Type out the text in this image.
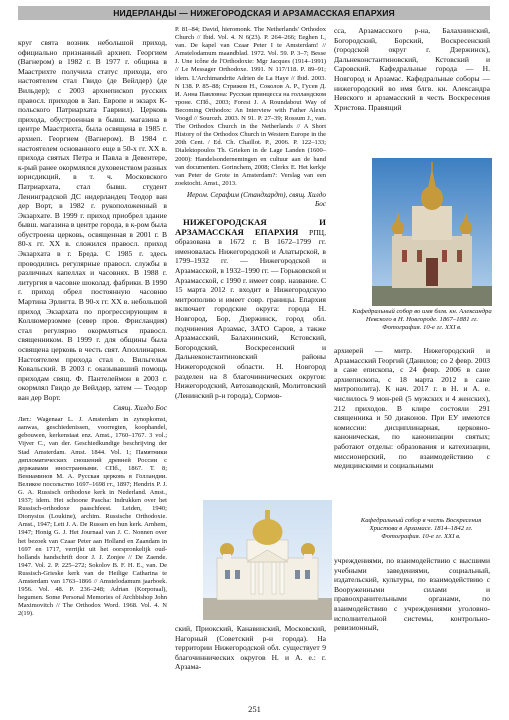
НИДЕРЛАНДЫ — НИЖЕГОРОДСКАЯ И АРЗАМАССКАЯ ЕПАРХИЯ

круг свята возник небольшой приход, официально признанный архиеп. Георгием (Вагнером) в 1982 г. В 1977 г. община в Маастрихте получила статус прихода, его настоятелем стал Гвидо (де Вейлдер) (де Вильдер); с 2003 архиепископ русских правосл. приходов в Зап. Европе и экзарх К-польского Патриархата Гавриил). Церковь прихода, обустроенная в бывш. магазина в центре Маастрихта, была освящена в 1985 г. архиеп. Георгием (Вагнером). В 1984 г. настоятелем основанного еще в 50-х гг. XX в. прихода святых Петра и Павла в Девентере, к-рый ранее окормлялся духовенством разных юрисдикций, в т. ч. Московского Патриархата, стал бывш. студент Ленинградской ДС нидерландец Теодор ван дер Ворт, в 1982 г. рукоположенный в Экзархате. В 1999 г. приход приобрел здание бывш. магазина в центре города, в к-ром была обустроена церковь, освященная в 2001 г. В 80-х гг. XX в. сложился правосл. приход Экзархата в г. Бреда. С 1985 г. здесь проводились регулярные правосл. службы в различных капеллах и часовнях. В 1988 г. литургия в часовне шоколад. фабрики. В 1990 г. приход обрел постоянную часовню Мартина Эрлигта. В 90-х гг. XX в. небольшой приход Экзархата по прогрессирующим в Коллюмерзомме (север пров. Фрисландия) стал регулярно окормляться правосл. священником. В 1999 г. для общины была освящена церковь в честь свят. Аполлинария. Настоятелем прихода стал о. Вильгельм Ковальский. В 2003 г. оказывавший помощь приходам свящ. Ф. Пантелеймон в 2003 г. окормлял Гвидо де Вейлдер, затем — Теодор ван дер Ворт.

Свящ. Хилдо Бос

Лит.: Wagenaar L. J. Amsterdam in zynopkomst, aanwas, geschiedenissen, voorregten, koophandel, gebouwen, kerkenstaat enz. Amst., 1760–1767. 3 vol.; Vijver C., van der. Geschiedkundige beschrijving der Stad Amsterdam. Amst. 1844. Vol. 1; Памятники дипломатических сношений древней России с державами иностранными. СПб., 1867. Т. 8; Вениаминов М. А. Русская церковь в Голландии. Великое посольство 1697–1698 гг., 1897; Hendrix P. J. G. A. Russisch orthodoxe kerk in Nederland. Amst., 1937; idem. Het schoone Pascha: Indrukken over het Russisch-orthodoxe paaschfeest. Leiden, 1940; Dionysius (Loukine), archim. Russische Orthodoxie. Amst., 1947; Lett J. A. De Russen en hun kerk. Arnhem, 1947; Honig G. J. Het Journaal van J. C. Nonnen over het bezoek van Czaar Peter aan Holland en Zaandam in 1697 en 1717, verrijkt uit het oorspronkelijk oud-hollands handschrift door J. J. Zonjee // De Zaende. 1947. Vol. 2. P. 225–272; Sokolov B. F. H. E., van. De Russisch-Grieske kerk van de Heilige Catharina te Amsterdam van 1763–1866 // Amstelodamum jaarboek. 1956. Vol. 48. P. 236–248; Adrian (Korporaal), hegumen. Some Personal Memories of Archbishop John Maximovitch // The Orthodox Word. 1968. Vol. 4. N 2(19).

P. 81–84; David, hieromonk. The Netherlands' Orthodox Church // Ibid. Vol. 4. N 6(23). P. 264–266; Eeghen I., van. De kapel van Czaar Peter I te Amsterdam! // Amstelodamum maandblad. 1972. Vol. 59. P. 3–7; Besse J. Une icône de l'Orthodoxie: Mgr Jacques (1914–1991) // Le Messager Orthodoxe. 1991. N 117/118. P. 89–91; idem. L'Archimandrite Adrien de La Haye // Ibid. 2003. N 138. P. 85–88; Стрижов Н., Соколов А. Р., Гусев Д. И. Анна Павловна: Русская принцесса на голландском троне. СПб., 2003; Forest J. A Roundabout Way of Becoming Orthodox: An Interview with Father Alexis Voogd // Sourozh. 2003. N 91. P. 27–39; Rossum J., van. The Orthodox Church in the Netherlands // A Short History of the Orthodox Church in Western Europe in the 20th Cent. / Ed. Ch. Chaillot. P., 2006. P. 122–133; Dialektopoulos Th. Grieken in de Lage Landen (1600–2000): Handelsondernemingen en cultuur aan de hand van documenten. Gorinchem, 2008; Clerkx E. Het kerkje van Peter de Grote in Amsterdam?: Verslag van een zoektocht. Amst., 2013.

Иером. Серафим (Стандхардт), свящ. Хилдо Бос

НИЖЕГОРОДСКАЯ И АРЗАМАССКАЯ ЕПАРХИЯ РПЦ, образована в 1672 г. В 1672–1799 гг. именовалась Нижегородской и Алатырской, в 1799–1932 гг. — Нижегородской и Арзамасской, в 1932–1990 гг. — Горьковской и Арзамасской, с 1990 г. имеет совр. название. С 15 марта 2012 г. входит в Нижегородскую митрополию и имеет совр. границы. Епархия включает городские округа: города Н. Новгород, Бор, Дзержинск, город обл. подчинения Арзамас, ЗАТО Саров, а также Арзамасский, Балахнинский, Кстовский, Богородский, Воскресенский и Дальнеконстантиновский районы Нижегородской области. Н. Новгород разделен на 8 благочиннических округов: Нижегородский, Автозаводский, Молитовский (Ленинский р-н города), Сормов-

ский, Приокский, Канавинский, Московский, Нагорный (Советский р-н города). На территории Нижегородской обл. существует 9 благочиннических округов Н. и А. е.: г. Арзама-

сса, Арзамасского р-на, Балахнинский, Богородский, Борский, Воскресенский (городской округ г. Дзержинск), Дальнеконстантиновский, Кстовский и Саровский. Кафедральные города — Н. Новгород и Арзамас. Кафедральные соборы — нижегородский во имя блгв. кн. Александра Невского и арзамасский в честь Воскресения Христова. Правящий

Кафедральный собор во имя блгв. кн. Александра Невского в Н. Новгороде. 1867–1881 гг. Фотография. 10-е гг. XXI в.

архиерей — митр. Нижегородский и Арзамасский Георгий (Данилов; со 2 февр. 2003 в сане епископа, с 24 февр. 2006 в сане архиепископа, с 18 марта 2012 в сане митрополита). К нач. 2017 г. в Н. и А. е. числилось 9 мон-рей (5 мужских и 4 женских), 212 приходов. В клире состояли 291 священника и 50 диаконов. При ЕУ имеются комиссии: дисциплинарная, церковно-каноническая, по канонизации святых; работают отделы: образования и катехизации, миссионерский, по взаимодействию с медицинскими и социальными

Кафедральный собор в честь Воскресения Христова в Арзамасе. 1814–1842 гг. Фотография. 10-е гг. XXI в.

учреждениями, по взаимодействию с высшими учебными заведениями, социальный, издательский, культуры, по взаимодействию с Вооруженными силами и правоохранительными органами, по взаимодействию с учреждениями уголовно-исполнительной системы, контрольно-ревизионный,

251
